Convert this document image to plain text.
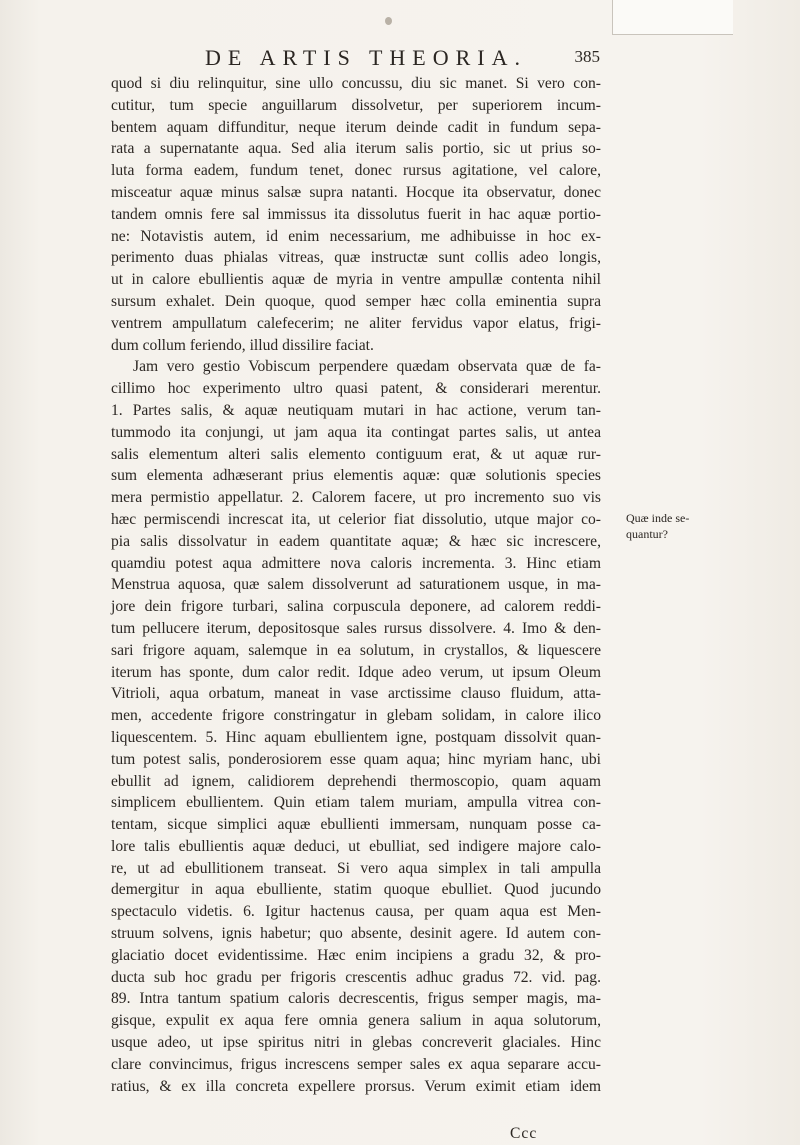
DE ARTIS THEORIA.	385
quod si diu relinquitur, sine ullo concussu, diu sic manet. Si vero con-
cutitur, tum specie anguillarum dissolvetur, per superiorem incum-
bentem aquam diffunditur, neque iterum deinde cadit in fundum sepa-
rata a supernatante aqua. Sed alia iterum salis portio, sic ut prius so-
luta forma eadem, fundum tenet, donec rursus agitatione, vel calore,
misceatur aquæ minus salsæ supra natanti. Hocque ita observatur, donec
tandem omnis fere sal immissus ita dissolutus fuerit in hac aquæ portio-
ne: Notavistis autem, id enim necessarium, me adhibuisse in hoc ex-
perimento duas phialas vitreas, quæ instructæ sunt collis adeo longis,
ut in calore ebullientis aquæ de myria in ventre ampullæ contenta nihil
sursum exhalet. Dein quoque, quod semper hæc colla eminentia supra
ventrem ampullatum calefecerim; ne aliter fervidus vapor elatus, frigi-
dum collum feriendo, illud dissilire faciat.
Jam vero gestio Vobiscum perpendere quædam observata quæ de fa-
cillimo hoc experimento ultro quasi patent, & considerari merentur.
1. Partes salis, & aquæ neutiquam mutari in hac actione, verum tan-
tummodo ita conjungi, ut jam aqua ita contingat partes salis, ut antea
salis elementum alteri salis elemento contiguum erat, & ut aquæ rur-
sum elementa adhæserant prius elementis aquæ: quæ solutionis species
mera permistio appellatur. 2. Calorem facere, ut pro incremento suo vis
hæc permiscendi increscat ita, ut celerior fiat dissolutio, utque major co-
pia salis dissolvatur in eadem quantitate aquæ; & hæc sic increscere,
quamdiu potest aqua admittere nova caloris incrementa. 3. Hinc etiam
Menstrua aquosa, quæ salem dissolverunt ad saturationem usque, in ma-
jore dein frigore turbari, salina corpuscula deponere, ad calorem reddi-
tum pellucere iterum, depositosque sales rursus dissolvere. 4. Imo & den-
sari frigore aquam, salemque in ea solutum, in crystallos, & liquescere
iterum has sponte, dum calor redit. Idque adeo verum, ut ipsum Oleum
Vitrioli, aqua orbatum, maneat in vase arctissime clauso fluidum, atta-
men, accedente frigore constringatur in glebam solidam, in calore ilico
liquescentem. 5. Hinc aquam ebullientem igne, postquam dissolvit quan-
tum potest salis, ponderosiorem esse quam aqua; hinc myriam hanc, ubi
ebullit ad ignem, calidiorem deprehendi thermoscopio, quam aquam
simplicem ebullientem. Quin etiam talem muriam, ampulla vitrea con-
tentam, sicque simplici aquæ ebullienti immersam, nunquam posse ca-
lore talis ebullientis aquæ deduci, ut ebulliat, sed indigere majore calo-
re, ut ad ebullitionem transeat. Si vero aqua simplex in tali ampulla
demergitur in aqua ebulliente, statim quoque ebulliet. Quod jucundo
spectaculo videtis. 6. Igitur hactenus causa, per quam aqua est Men-
struum solvens, ignis habetur; quo absente, desinit agere. Id autem con-
glaciatio docet evidentissime. Hæc enim incipiens a gradu 32, & pro-
ducta sub hoc gradu per frigoris crescentis adhuc gradus 72. vid. pag.
89. Intra tantum spatium caloris decrescentis, frigus semper magis, ma-
gisque, expulit ex aqua fere omnia genera salium in aqua solutorum,
usque adeo, ut ipse spiritus nitri in glebas concreverit glaciales. Hinc
clare convincimus, frigus increscens semper sales ex aqua separare accu-
ratius, & ex illa concreta expellere prorsus. Verum eximit etiam idem
Ccc
Quæ inde se-
quantur?
